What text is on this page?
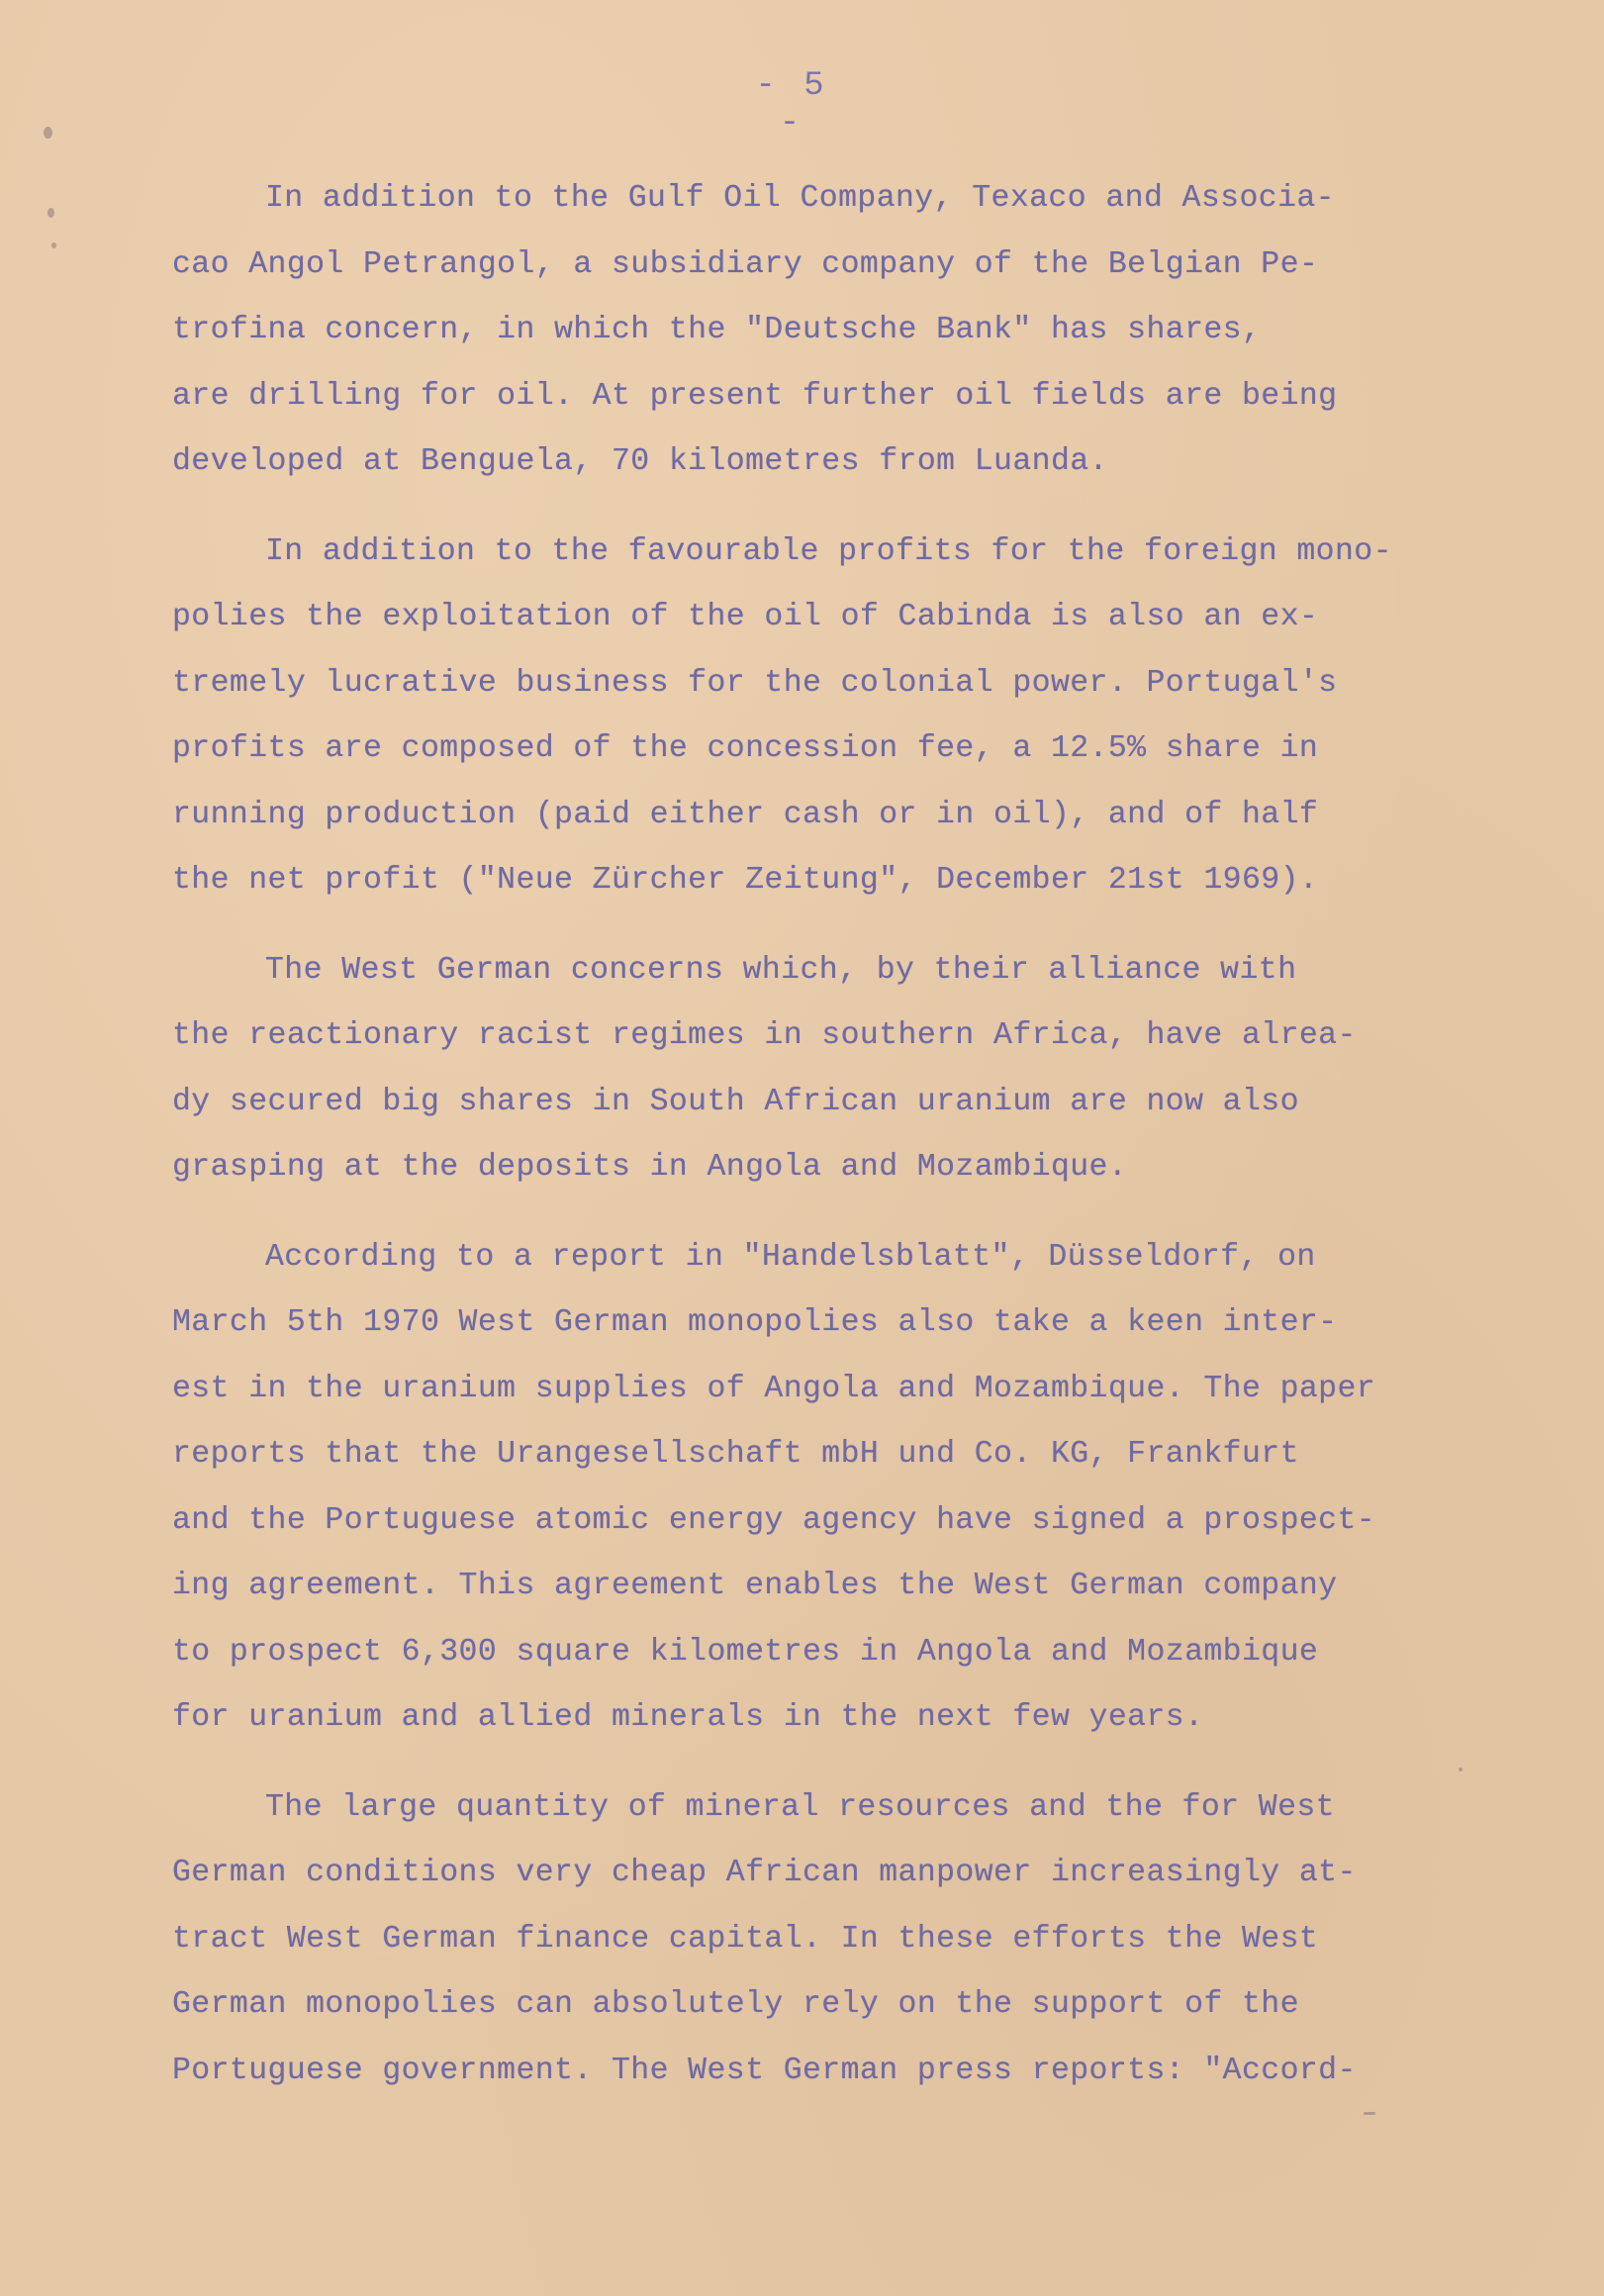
- 5 -
In addition to the Gulf Oil Company, Texaco and Associa-
cao Angol Petrangol, a subsidiary company of the Belgian Pe-
trofina concern, in which the "Deutsche Bank" has shares,
are drilling for oil. At present further oil fields are being
developed at Benguela, 70 kilometres from Luanda.
In addition to the favourable profits for the foreign mono-
polies the exploitation of the oil of Cabinda is also an ex-
tremely lucrative business for the colonial power. Portugal's
profits are composed of the concession fee, a 12.5% share in
running production (paid either cash or in oil), and of half
the net profit ("Neue Zürcher Zeitung", December 21st 1969).
The West German concerns which, by their alliance with
the reactionary racist regimes in southern Africa, have alrea-
dy secured big shares in South African uranium are now also
grasping at the deposits in Angola and Mozambique.
According to a report in "Handelsblatt", Düsseldorf, on
March 5th 1970 West German monopolies also take a keen inter-
est in the uranium supplies of Angola and Mozambique. The paper
reports that the Urangesellschaft mbH und Co. KG, Frankfurt
and the Portuguese atomic energy agency have signed a prospect-
ing agreement. This agreement enables the West German company
to prospect 6,300 square kilometres in Angola and Mozambique
for uranium and allied minerals in the next few years.
The large quantity of mineral resources and the for West
German conditions very cheap African manpower increasingly at-
tract West German finance capital. In these efforts the West
German monopolies can absolutely rely on the support of the
Portuguese government. The West German press reports: "Accord-
